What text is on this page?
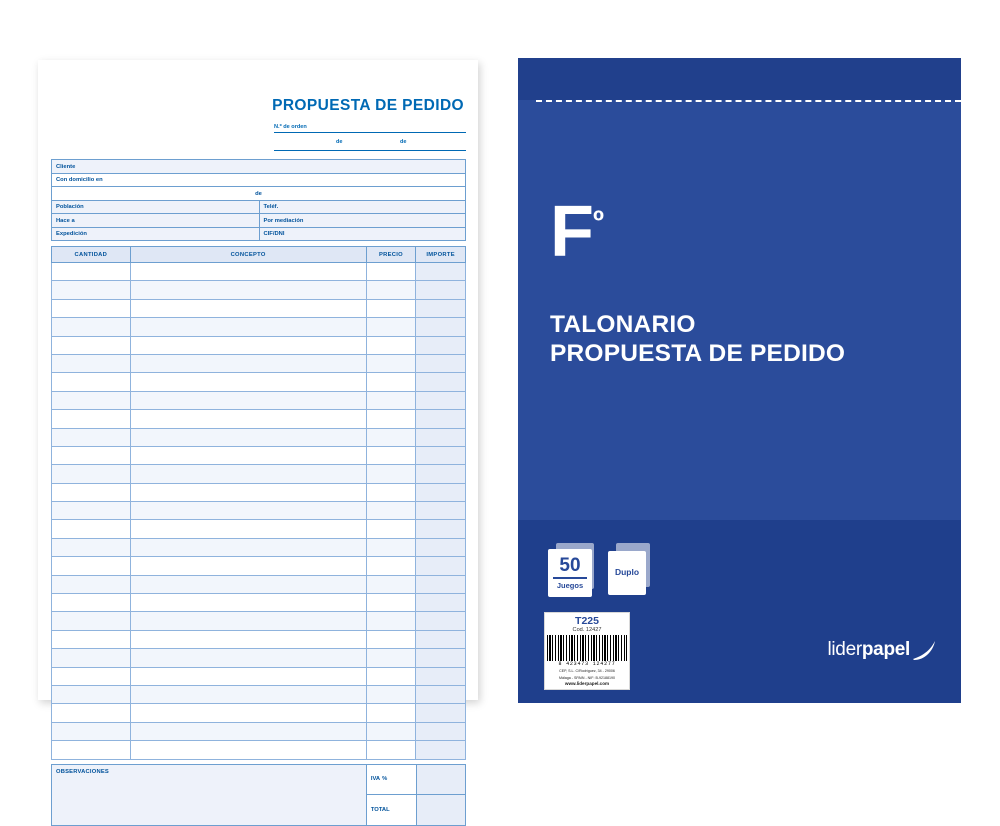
PROPUESTA DE PEDIDO
N.º de orden
de	de
Cliente
Con domicilio en
de
Población	Teléf.
Hace a	Por mediación
Expedición	CIF/DNI
CANTIDAD	CONCEPTO	PRECIO	IMPORTE

OBSERVACIONES
IVA %
TOTAL
$F^º$
TALONARIO
PROPUESTA DE PEDIDO
50
Juegos
Duplo
liderpapel
T225
Cod. 12427
8 423473 124277
CEP, S.L. C/Rodríguez, 34 - 29006
Málaga - SPAIN - NIF: B-92188190
www.liderpapel.com
